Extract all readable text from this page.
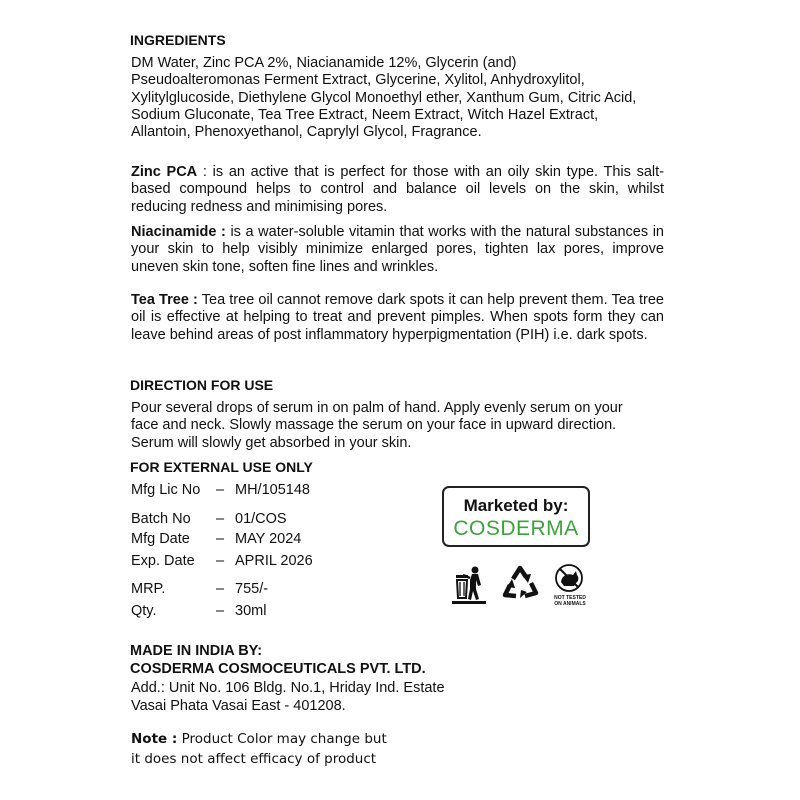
INGREDIENTS
DM Water, Zinc PCA 2%, Niacianamide 12%, Glycerin (and)
Pseudoalteromonas Ferment Extract, Glycerine, Xylitol, Anhydroxylitol,
Xylitylglucoside, Diethylene Glycol Monoethyl ether, Xanthum Gum, Citric Acid,
Sodium Gluconate, Tea Tree Extract, Neem Extract, Witch Hazel Extract,
Allantoin, Phenoxyethanol, Caprylyl Glycol, Fragrance.
Zinc PCA : is an active that is perfect for those with an oily skin type. This salt-based compound helps to control and balance oil levels on the skin, whilst reducing redness and minimising pores.
Niacinamide : is a water-soluble vitamin that works with the natural substances in your skin to help visibly minimize enlarged pores, tighten lax pores, improve uneven skin tone, soften fine lines and wrinkles.
Tea Tree : Tea tree oil cannot remove dark spots it can help prevent them. Tea tree oil is effective at helping to treat and prevent pimples. When spots form they can leave behind areas of post inflammatory hyperpigmentation (PIH) i.e. dark spots.
DIRECTION FOR USE
Pour several drops of serum in on palm of hand. Apply evenly serum on your
face and neck. Slowly massage the serum on your face in upward direction.
Serum will slowly get absorbed in your skin.
FOR EXTERNAL USE ONLY
Mfg Lic No – MH/105148
Batch No – 01/COS
Mfg Date – MAY 2024
Exp. Date – APRIL 2026
MRP.	– 755/-
Qty.	– 30ml
Marketed by:
COSDERMA
NOT TESTED
ON ANIMALS
MADE IN INDIA BY:
COSDERMA COSMOCEUTICALS PVT. LTD.
Add.: Unit No. 106 Bldg. No.1, Hriday Ind. Estate
Vasai Phata Vasai East - 401208.
Note : Product Color may change but
it does not affect efficacy of product
